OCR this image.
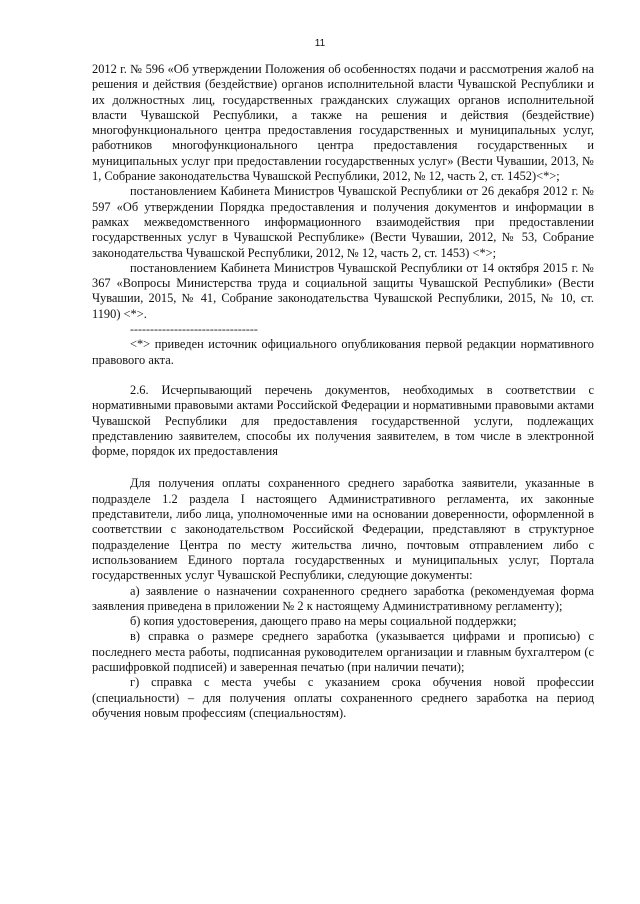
11

2012 г. № 596 «Об утверждении Положения об особенностях подачи и рассмотрения жалоб на решения и действия (бездействие) органов исполнительной власти Чувашской Республики и их должностных лиц, государственных гражданских служащих органов исполнительной власти Чувашской Республики, а также на решения и действия (бездействие) многофункционального центра предоставления государственных и муниципальных услуг, работников многофункционального центра предоставления государственных и муниципальных услуг при предоставлении государственных услуг» (Вести Чувашии, 2013, № 1, Собрание законодательства Чувашской Республики, 2012, № 12, часть 2, ст. 1452)<*>;

постановлением Кабинета Министров Чувашской Республики от 26 декабря 2012 г. № 597 «Об утверждении Порядка предоставления и получения документов и информации в рамках межведомственного информационного взаимодействия при предоставлении государственных услуг в Чувашской Республике» (Вести Чувашии, 2012, № 53, Собрание законодательства Чувашской Республики, 2012, № 12, часть 2, ст. 1453) <*>;

постановлением Кабинета Министров Чувашской Республики от 14 октября 2015 г. № 367 «Вопросы Министерства труда и социальной защиты Чувашской Республики» (Вести Чувашии, 2015, № 41, Собрание законодательства Чувашской Республики, 2015, № 10, ст. 1190) <*>.

--------------------------------

<*> приведен источник официального опубликования первой редакции нормативного правового акта.

2.6. Исчерпывающий перечень документов, необходимых в соответствии с нормативными правовыми актами Российской Федерации и нормативными правовыми актами Чувашской Республики для предоставления государственной услуги, подлежащих представлению заявителем, способы их получения заявителем, в том числе в электронной форме, порядок их предоставления

Для получения оплаты сохраненного среднего заработка заявители, указанные в подразделе 1.2 раздела I настоящего Административного регламента, их законные представители, либо лица, уполномоченные ими на основании доверенности, оформленной в соответствии с законодательством Российской Федерации, представляют в структурное подразделение Центра по месту жительства лично, почтовым отправлением либо с использованием Единого портала государственных и муниципальных услуг, Портала государственных услуг Чувашской Республики, следующие документы:

а) заявление о назначении сохраненного среднего заработка (рекомендуемая форма заявления приведена в приложении № 2 к настоящему Административному регламенту);

б) копия удостоверения, дающего право на меры социальной поддержки;

в) справка о размере среднего заработка (указывается цифрами и прописью) с последнего места работы, подписанная руководителем организации и главным бухгалтером (с расшифровкой подписей) и заверенная печатью (при наличии печати);

г) справка с места учебы с указанием срока обучения новой профессии (специальности) – для получения оплаты сохраненного среднего заработка на период обучения новым профессиям (специальностям).
